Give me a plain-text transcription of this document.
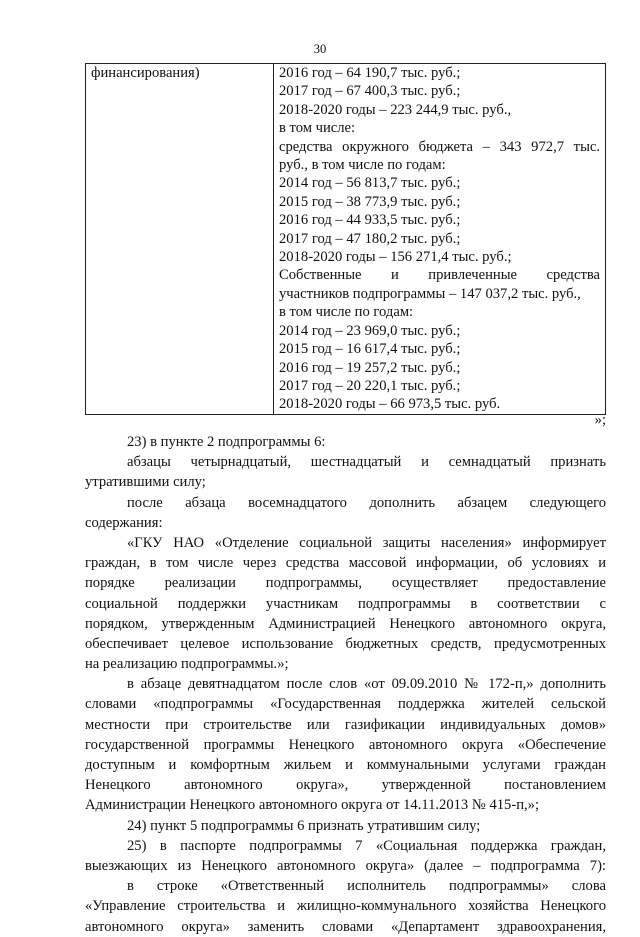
30
финансирования)	2016 год – 64 190,7 тыс. руб.;
2017 год – 67 400,3 тыс. руб.;
2018-2020 годы – 223 244,9 тыс. руб.,
в том числе:
средства окружного бюджета – 343 972,7 тыс.
руб., в том числе по годам:
2014 год – 56 813,7 тыс. руб.;
2015 год – 38 773,9 тыс. руб.;
2016 год – 44 933,5 тыс. руб.;
2017 год – 47 180,2 тыс. руб.;
2018-2020 годы – 156 271,4 тыс. руб.;
Собственные и привлеченные средства
участников подпрограммы – 147 037,2 тыс. руб.,
в том числе по годам:
2014 год – 23 969,0 тыс. руб.;
2015 год – 16 617,4 тыс. руб.;
2016 год – 19 257,2 тыс. руб.;
2017 год – 20 220,1 тыс. руб.;
2018-2020 годы – 66 973,5 тыс. руб.
»;
23) в пункте 2 подпрограммы 6:
абзацы четырнадцатый, шестнадцатый и семнадцатый признать
утратившими силу;
после абзаца восемнадцатого дополнить абзацем следующего
содержания:
«ГКУ НАО «Отделение социальной защиты населения» информирует
граждан, в том числе через средства массовой информации, об условиях и
порядке реализации подпрограммы, осуществляет предоставление
социальной поддержки участникам подпрограммы в соответствии с
порядком, утвержденным Администрацией Ненецкого автономного округа,
обеспечивает целевое использование бюджетных средств, предусмотренных
на реализацию подпрограммы.»;
в абзаце девятнадцатом после слов «от 09.09.2010 № 172-п,» дополнить
словами «подпрограммы «Государственная поддержка жителей сельской
местности при строительстве или газификации индивидуальных домов»
государственной программы Ненецкого автономного округа «Обеспечение
доступным и комфортным жильем и коммунальными услугами граждан
Ненецкого автономного округа», утвержденной постановлением
Администрации Ненецкого автономного округа от 14.11.2013 № 415-п,»;
24) пункт 5 подпрограммы 6 признать утратившим силу;
25) в паспорте подпрограммы 7 «Социальная поддержка граждан,
выезжающих из Ненецкого автономного округа» (далее – подпрограмма 7):
в строке «Ответственный исполнитель подпрограммы» слова
«Управление строительства и жилищно-коммунального хозяйства Ненецкого
автономного округа» заменить словами «Департамент здравоохранения,
